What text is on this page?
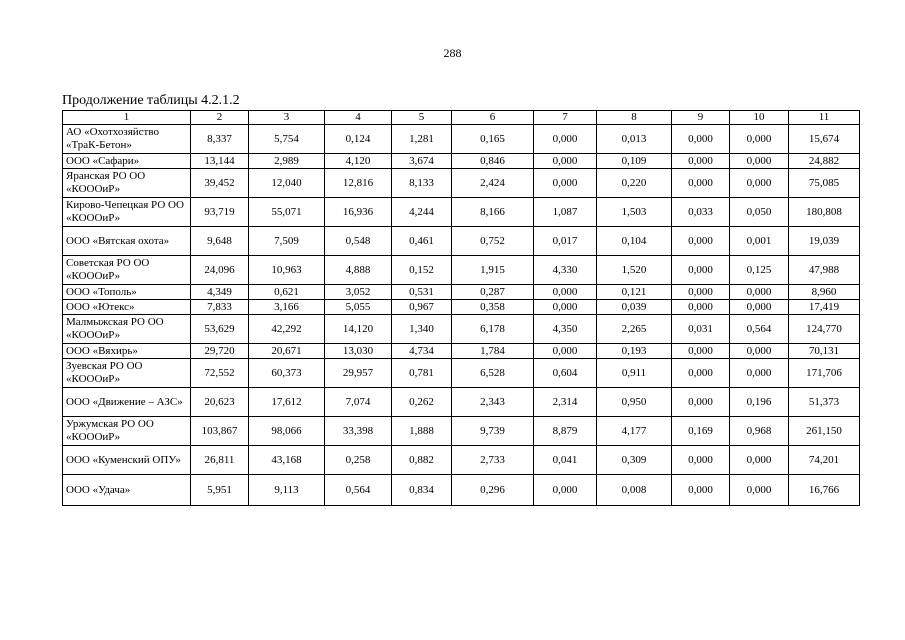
288
Продолжение таблицы 4.2.1.2
1	2	3	4	5	6	7	8	9	10	11
АО «Охотхозяйство «ТраК-Бетон»	8,337	5,754	0,124	1,281	0,165	0,000	0,013	0,000	0,000	15,674
ООО «Сафари»	13,144	2,989	4,120	3,674	0,846	0,000	0,109	0,000	0,000	24,882
Яранская РО ОО «КОООиР»	39,452	12,040	12,816	8,133	2,424	0,000	0,220	0,000	0,000	75,085
Кирово-Чепецкая РО ОО «КОООиР»	93,719	55,071	16,936	4,244	8,166	1,087	1,503	0,033	0,050	180,808
ООО «Вятская охота»	9,648	7,509	0,548	0,461	0,752	0,017	0,104	0,000	0,001	19,039
Советская РО ОО «КОООиР»	24,096	10,963	4,888	0,152	1,915	4,330	1,520	0,000	0,125	47,988
ООО «Тополь»	4,349	0,621	3,052	0,531	0,287	0,000	0,121	0,000	0,000	8,960
ООО «Ютекс»	7,833	3,166	5,055	0,967	0,358	0,000	0,039	0,000	0,000	17,419
Малмыжская РО ОО «КОООиР»	53,629	42,292	14,120	1,340	6,178	4,350	2,265	0,031	0,564	124,770
ООО «Вяхирь»	29,720	20,671	13,030	4,734	1,784	0,000	0,193	0,000	0,000	70,131
Зуевская РО ОО «КОООиР»	72,552	60,373	29,957	0,781	6,528	0,604	0,911	0,000	0,000	171,706
ООО «Движение – АЗС»	20,623	17,612	7,074	0,262	2,343	2,314	0,950	0,000	0,196	51,373
Уржумская РО ОО «КОООиР»	103,867	98,066	33,398	1,888	9,739	8,879	4,177	0,169	0,968	261,150
ООО «Куменский ОПУ»	26,811	43,168	0,258	0,882	2,733	0,041	0,309	0,000	0,000	74,201
ООО «Удача»	5,951	9,113	0,564	0,834	0,296	0,000	0,008	0,000	0,000	16,766
